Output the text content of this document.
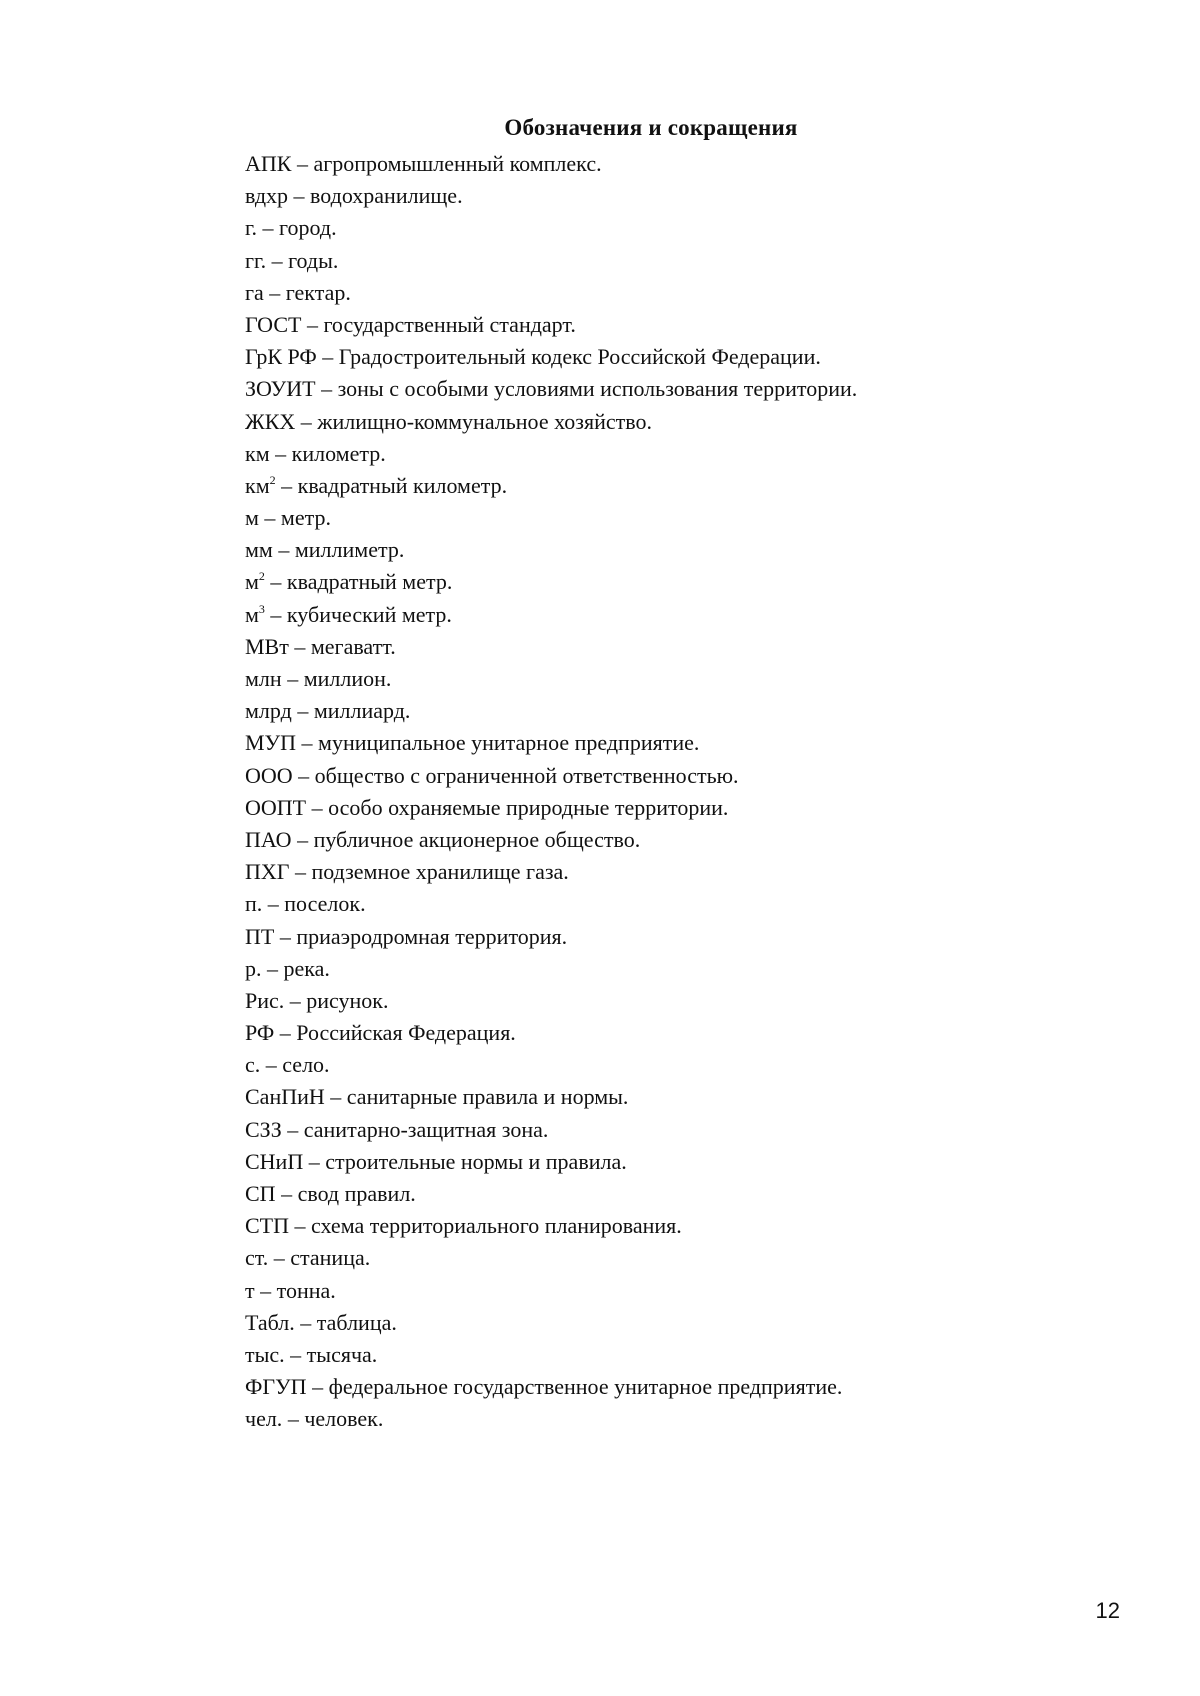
Обозначения и сокращения
АПК – агропромышленный комплекс.
вдхр – водохранилище.
г. – город.
гг. – годы.
га – гектар.
ГОСТ – государственный стандарт.
ГрК РФ – Градостроительный кодекс Российской Федерации.
ЗОУИТ – зоны с особыми условиями использования территории.
ЖКХ – жилищно-коммунальное хозяйство.
км – километр.
$км^2$ – квадратный километр.
м – метр.
мм – миллиметр.
$м^2$ – квадратный метр.
$м^3$ – кубический метр.
МВт – мегаватт.
млн – миллион.
млрд – миллиард.
МУП – муниципальное унитарное предприятие.
ООО – общество с ограниченной ответственностью.
ООПТ – особо охраняемые природные территории.
ПАО – публичное акционерное общество.
ПХГ – подземное хранилище газа.
п. – поселок.
ПТ – приаэродромная территория.
р. – река.
Рис. – рисунок.
РФ – Российская Федерация.
с. – село.
СанПиН – санитарные правила и нормы.
СЗЗ – санитарно-защитная зона.
СНиП – строительные нормы и правила.
СП – свод правил.
СТП – схема территориального планирования.
ст. – станица.
т – тонна.
Табл. – таблица.
тыс. – тысяча.
ФГУП – федеральное государственное унитарное предприятие.
чел. – человек.
12
